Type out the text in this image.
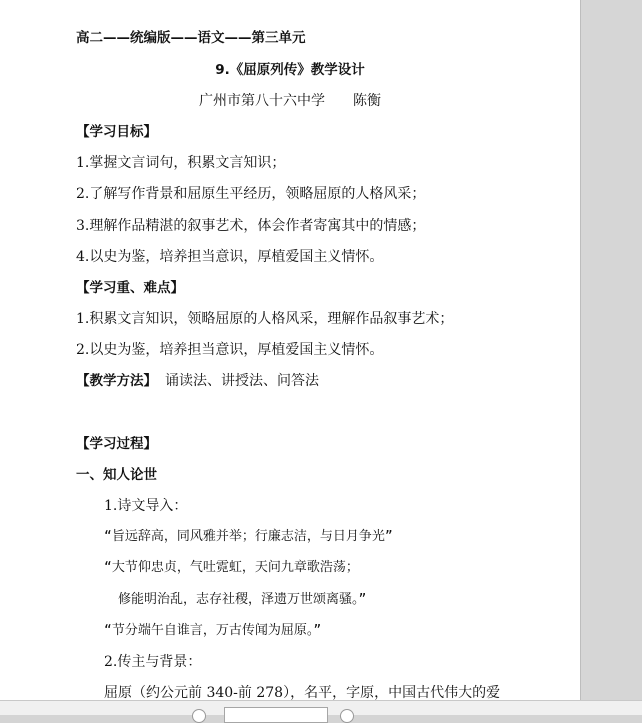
高二——统编版——语文——第三单元
9.《屈原列传》教学设计
广州市第八十六中学　　陈衡
【学习目标】
1.掌握文言词句，积累文言知识；
2.了解写作背景和屈原生平经历，领略屈原的人格风采；
3.理解作品精湛的叙事艺术，体会作者寄寓其中的情感；
4.以史为鉴，培养担当意识，厚植爱国主义情怀。
【学习重、难点】
1.积累文言知识，领略屈原的人格风采，理解作品叙事艺术；
2.以史为鉴，培养担当意识，厚植爱国主义情怀。
【教学方法】 诵读法、讲授法、问答法
【学习过程】
一、知人论世
1.诗文导入：
“旨远辞高，同风雅并举；行廉志洁，与日月争光”
“大节仰忠贞，气吐霓虹，天问九章歌浩荡；
修能明治乱，志存社稷，泽遗万世颂离骚。”
“节分端午自谁言，万古传闻为屈原。”
2.传主与背景：
屈原（约公元前 340-前 278），名平，字原，中国古代伟大的爱
